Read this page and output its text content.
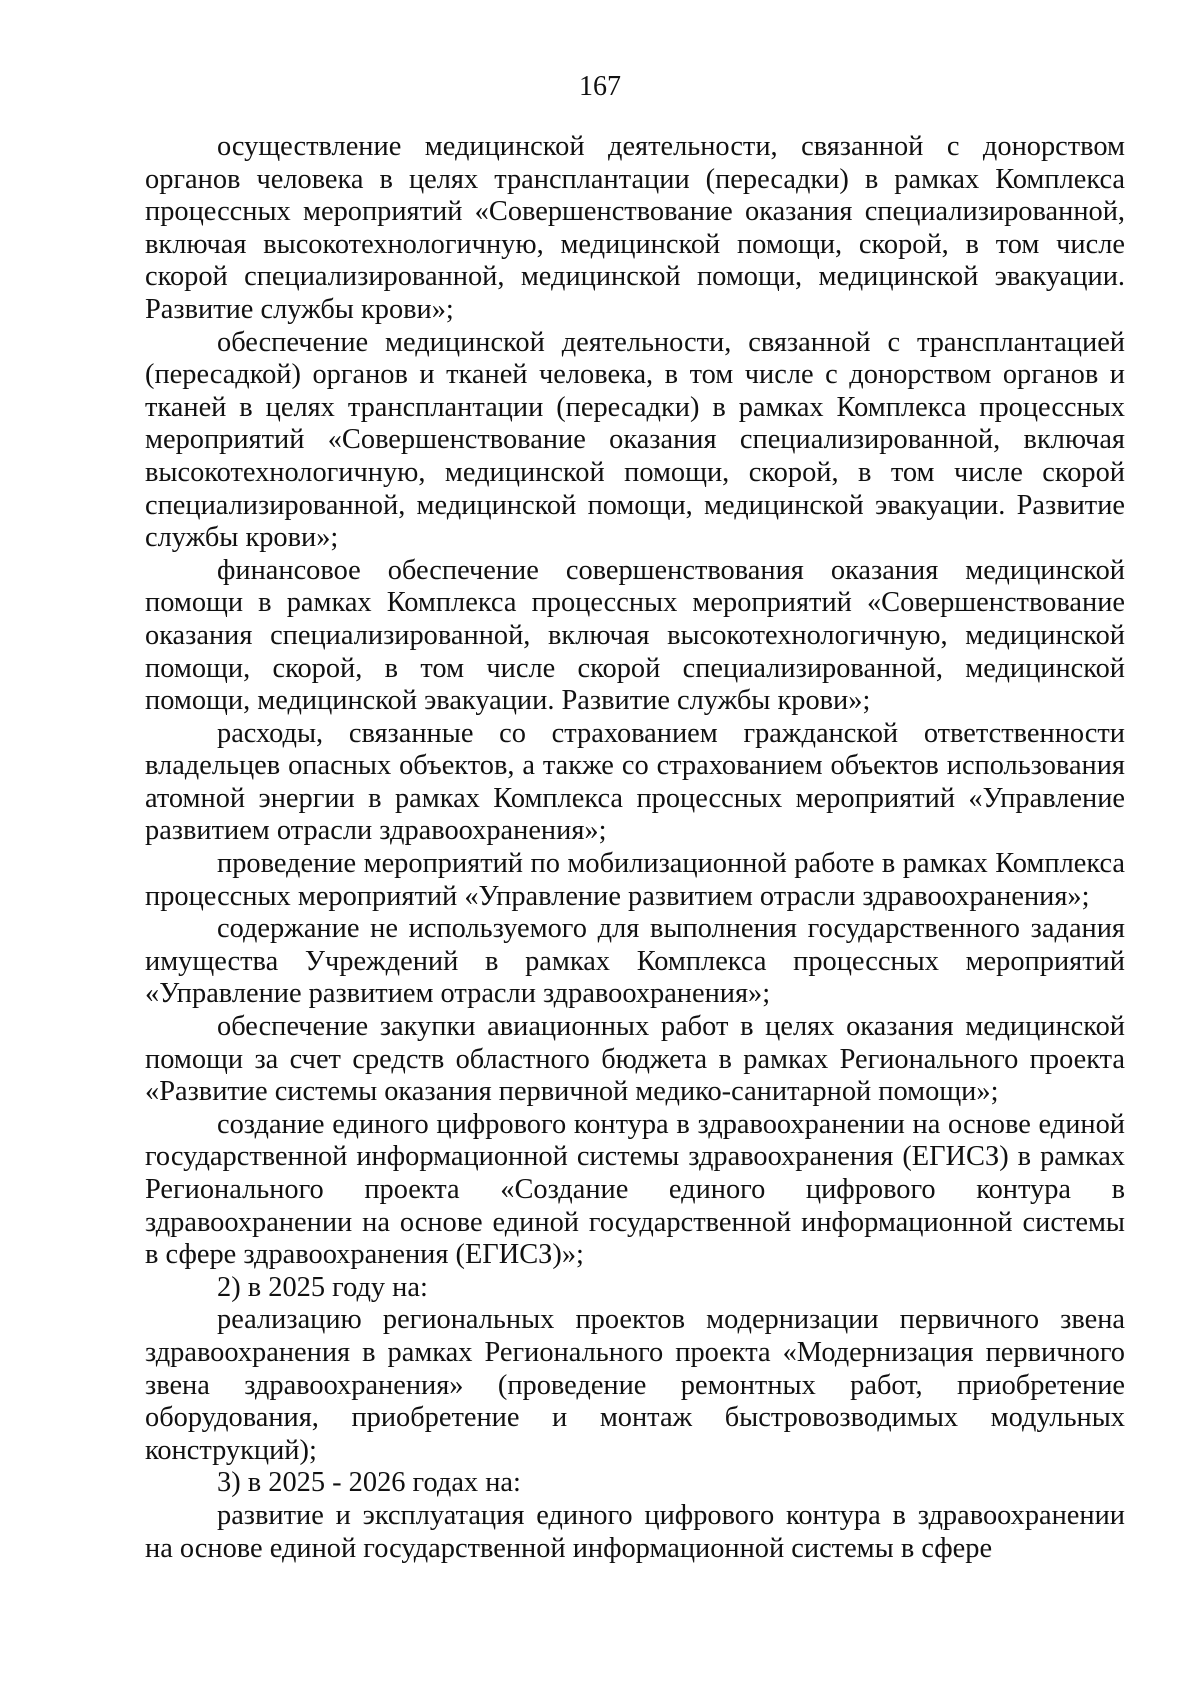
167

осуществление медицинской деятельности, связанной с донорством органов человека в целях трансплантации (пересадки) в рамках Комплекса процессных мероприятий «Совершенствование оказания специализированной, включая высокотехнологичную, медицинской помощи, скорой, в том числе скорой специализированной, медицинской помощи, медицинской эвакуации. Развитие службы крови»;

обеспечение медицинской деятельности, связанной с трансплантацией (пересадкой) органов и тканей человека, в том числе с донорством органов и тканей в целях трансплантации (пересадки) в рамках Комплекса процессных мероприятий «Совершенствование оказания специализированной, включая высокотехнологичную, медицинской помощи, скорой, в том числе скорой специализированной, медицинской помощи, медицинской эвакуации. Развитие службы крови»;

финансовое обеспечение совершенствования оказания медицинской помощи в рамках Комплекса процессных мероприятий «Совершенствование оказания специализированной, включая высокотехнологичную, медицинской помощи, скорой, в том числе скорой специализированной, медицинской помощи, медицинской эвакуации. Развитие службы крови»;

расходы, связанные со страхованием гражданской ответственности владельцев опасных объектов, а также со страхованием объектов использования атомной энергии в рамках Комплекса процессных мероприятий «Управление развитием отрасли здравоохранения»;

проведение мероприятий по мобилизационной работе в рамках Комплекса процессных мероприятий «Управление развитием отрасли здравоохранения»;

содержание не используемого для выполнения государственного задания имущества Учреждений в рамках Комплекса процессных мероприятий «Управление развитием отрасли здравоохранения»;

обеспечение закупки авиационных работ в целях оказания медицинской помощи за счет средств областного бюджета в рамках Регионального проекта «Развитие системы оказания первичной медико-санитарной помощи»;

создание единого цифрового контура в здравоохранении на основе единой государственной информационной системы здравоохранения (ЕГИСЗ) в рамках Регионального проекта «Создание единого цифрового контура в здравоохранении на основе единой государственной информационной системы в сфере здравоохранения (ЕГИСЗ)»;

2) в 2025 году на:

реализацию региональных проектов модернизации первичного звена здравоохранения в рамках Регионального проекта «Модернизация первичного звена здравоохранения» (проведение ремонтных работ, приобретение оборудования, приобретение и монтаж быстровозводимых модульных конструкций);

3) в 2025 - 2026 годах на:

развитие и эксплуатация единого цифрового контура в здравоохранении на основе единой государственной информационной системы в сфере
